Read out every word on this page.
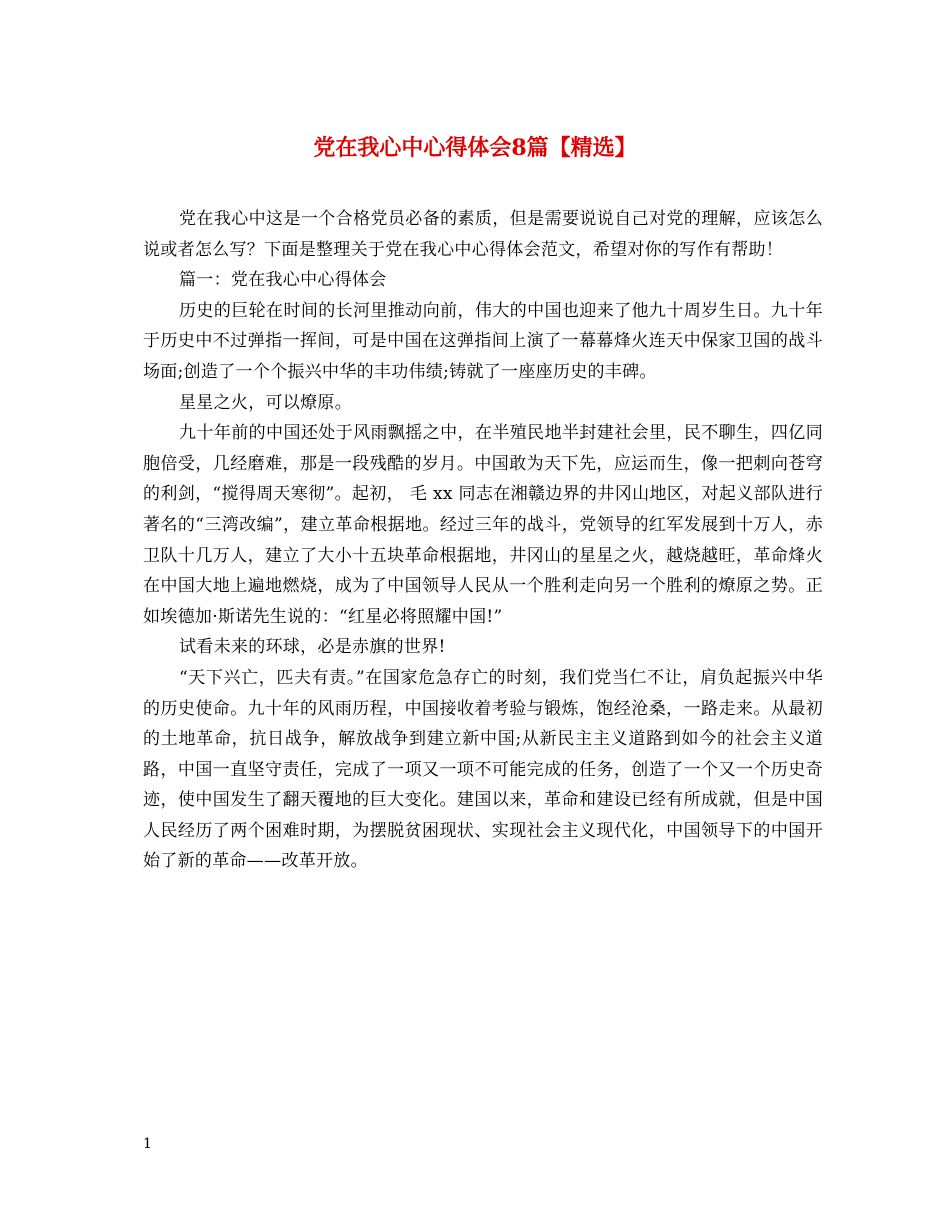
党在我心中心得体会8篇【精选】

党在我心中这是一个合格党员必备的素质，但是需要说说自己对党的理解，应该怎么说或者怎么写？下面是整理关于党在我心中心得体会范文，希望对你的写作有帮助！

篇一：党在我心中心得体会

历史的巨轮在时间的长河里推动向前，伟大的中国也迎来了他九十周岁生日。九十年于历史中不过弹指一挥间，可是中国在这弹指间上演了一幕幕烽火连天中保家卫国的战斗场面;创造了一个个振兴中华的丰功伟绩;铸就了一座座历史的丰碑。

星星之火，可以燎原。

九十年前的中国还处于风雨飘摇之中，在半殖民地半封建社会里，民不聊生，四亿同胞倍受，几经磨难，那是一段残酷的岁月。中国敢为天下先，应运而生，像一把刺向苍穹的利剑，“搅得周天寒彻”。起初， 毛 xx 同志在湘赣边界的井冈山地区，对起义部队进行著名的“三湾改编”，建立革命根据地。经过三年的战斗，党领导的红军发展到十万人，赤卫队十几万人，建立了大小十五块革命根据地，井冈山的星星之火，越烧越旺，革命烽火在中国大地上遍地燃烧，成为了中国领导人民从一个胜利走向另一个胜利的燎原之势。正如埃德加·斯诺先生说的：“红星必将照耀中国!”

试看未来的环球，必是赤旗的世界!

“天下兴亡，匹夫有责。”在国家危急存亡的时刻，我们党当仁不让，肩负起振兴中华的历史使命。九十年的风雨历程，中国接收着考验与锻炼，饱经沧桑，一路走来。从最初的土地革命，抗日战争，解放战争到建立新中国;从新民主主义道路到如今的社会主义道路，中国一直坚守责任，完成了一项又一项不可能完成的任务，创造了一个又一个历史奇迹，使中国发生了翻天覆地的巨大变化。建国以来，革命和建设已经有所成就，但是中国人民经历了两个困难时期，为摆脱贫困现状、实现社会主义现代化，中国领导下的中国开始了新的革命——改革开放。

1
